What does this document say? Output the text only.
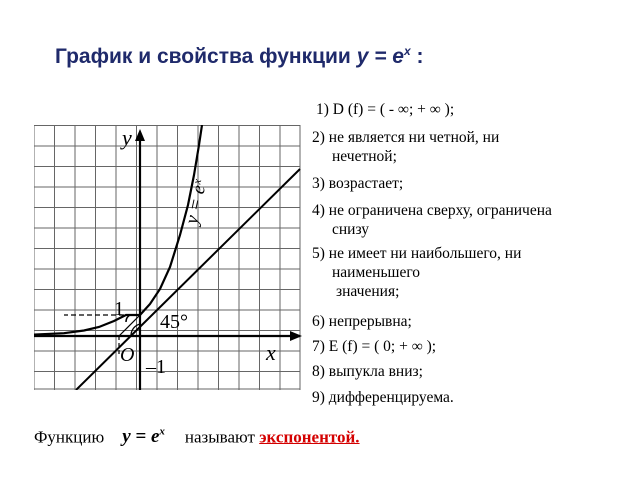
График и свойства функции $y = e^x$ :
y
x
O
1
–1
45°
y = eˣ
1) D (f) = ( - ∞; + ∞ );
2) не является ни четной, ни
нечетной;
3) возрастает;
4) не ограничена сверху, ограничена
снизу
5) не имеет ни наибольшего, ни
наименьшего
значения;
6) непрерывна;
7) E (f) = ( 0; + ∞ );
8) выпукла вниз;
9) дифференцируема.
Функцию $y = e^x$ называют экспонентой.
